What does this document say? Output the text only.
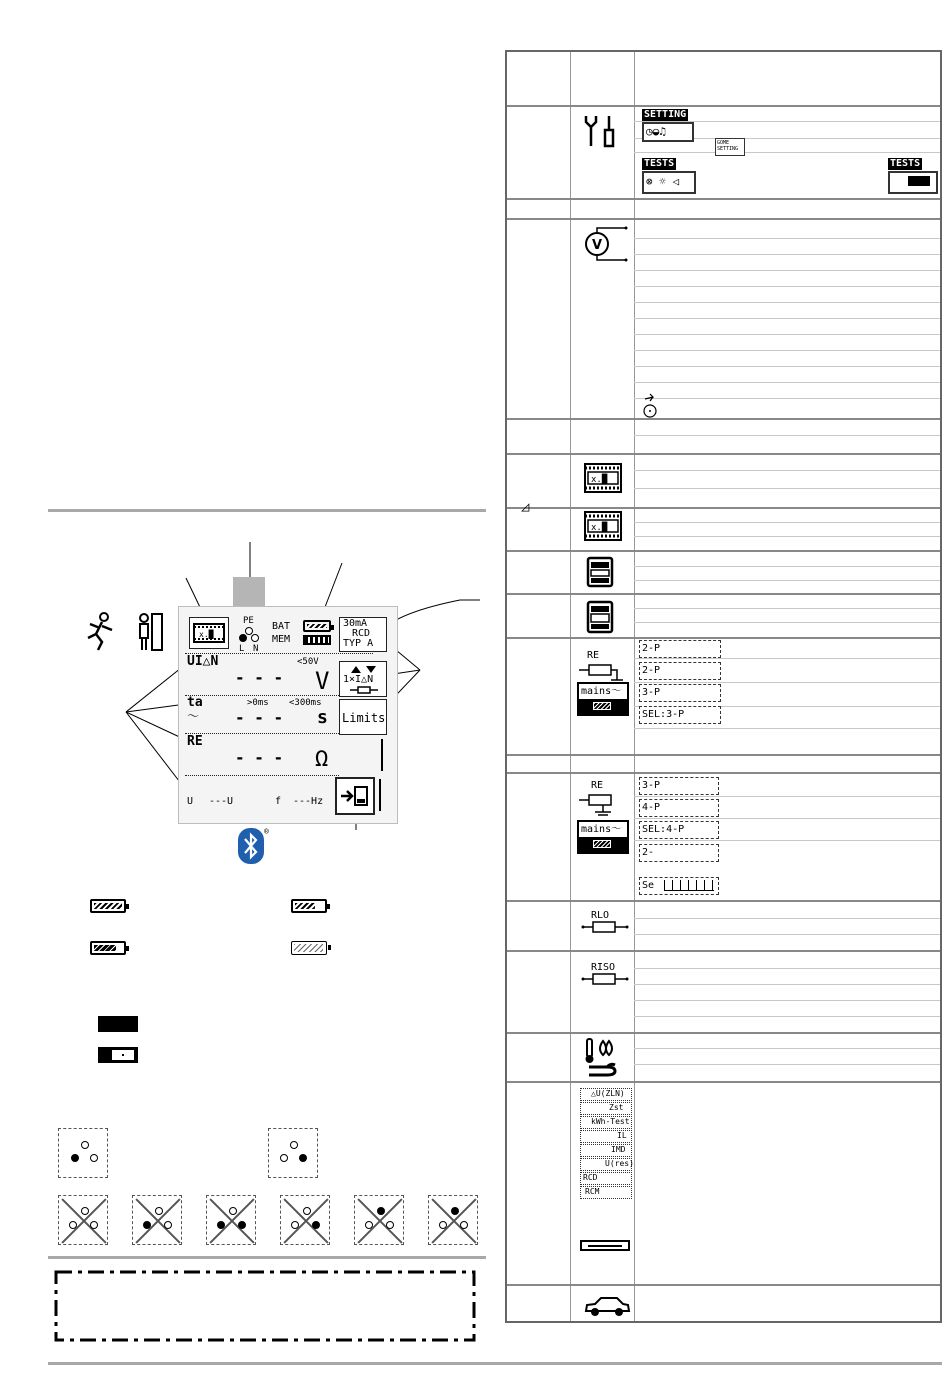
x.█
PE
L N
BAT
MEM
30mA
RCD
TYP A
UI△N	<50V
- - - V 1×I△N
ta
～
>0ms <300ms
- - - s Limits
RE
- - - Ω
U ---U	f ---Hz
®
SETTING
◷◒♫
GOME SETTING
TESTS
⊗ ☼ ◁
TESTS
V
x.█
◿
x.█
RE
mains～
2-P
2-P
3-P
SEL:3-P
RE
mains～
3-P
4-P
SEL:4-P
2-
Se
RLO
RISO
△U(ZLN)
Zst
kWh-Test
IL
IMD
U(res)
RCD
RCM
